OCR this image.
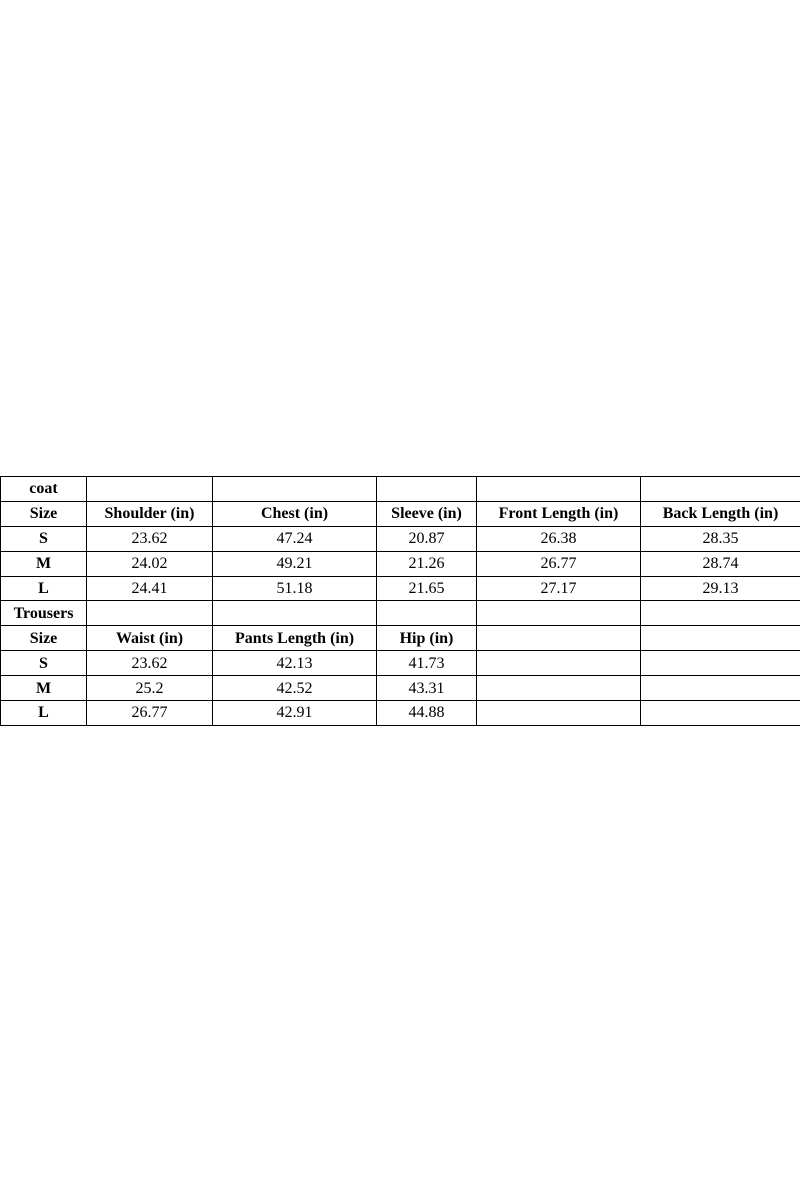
coat					
Size	Shoulder (in)	Chest (in)	Sleeve (in)	Front Length (in)	Back Length (in)
S	23.62	47.24	20.87	26.38	28.35
M	24.02	49.21	21.26	26.77	28.74
L	24.41	51.18	21.65	27.17	29.13
Trousers					
Size	Waist (in)	Pants Length (in)	Hip (in)		
S	23.62	42.13	41.73		
M	25.2	42.52	43.31		
L	26.77	42.91	44.88		
